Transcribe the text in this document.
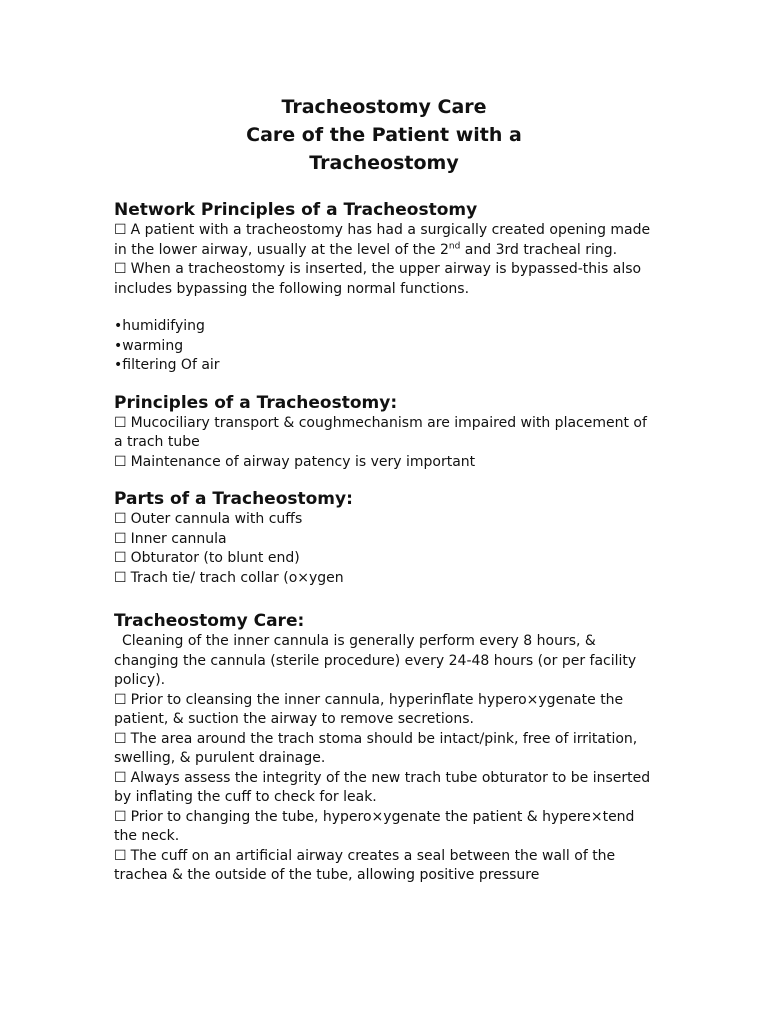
Tracheostomy Care
Care of the Patient with a
Tracheostomy
Network Principles of a Tracheostomy

☐ A patient with a tracheostomy has had a surgically created opening made in the lower airway, usually at the level of the 2nd and 3rd tracheal ring.

☐ When a tracheostomy is inserted, the upper airway is bypassed-this also includes bypassing the following normal functions.

•humidifying

•warming

•filtering Of air

Principles of a Tracheostomy:

☐ Mucociliary transport & coughmechanism are impaired with placement of a trach tube

☐ Maintenance of airway patency is very important

Parts of a Tracheostomy:

☐ Outer cannula with cuffs

☐ Inner cannula

☐ Obturator (to blunt end)

☐ Trach tie/ trach collar (o×ygen

Tracheostomy Care:

Cleaning of the inner cannula is generally perform every 8 hours, & changing the cannula (sterile procedure) every 24-48 hours (or per facility policy).

☐ Prior to cleansing the inner cannula, hyperinflate hypero×ygenate the patient, & suction the airway to remove secretions.

☐ The area around the trach stoma should be intact/pink, free of irritation, swelling, & purulent drainage.

☐ Always assess the integrity of the new trach tube obturator to be inserted by inflating the cuff to check for leak.

☐ Prior to changing the tube, hypero×ygenate the patient & hypere×tend the neck.

☐ The cuff on an artificial airway creates a seal between the wall of the trachea & the outside of the tube, allowing positive pressure
